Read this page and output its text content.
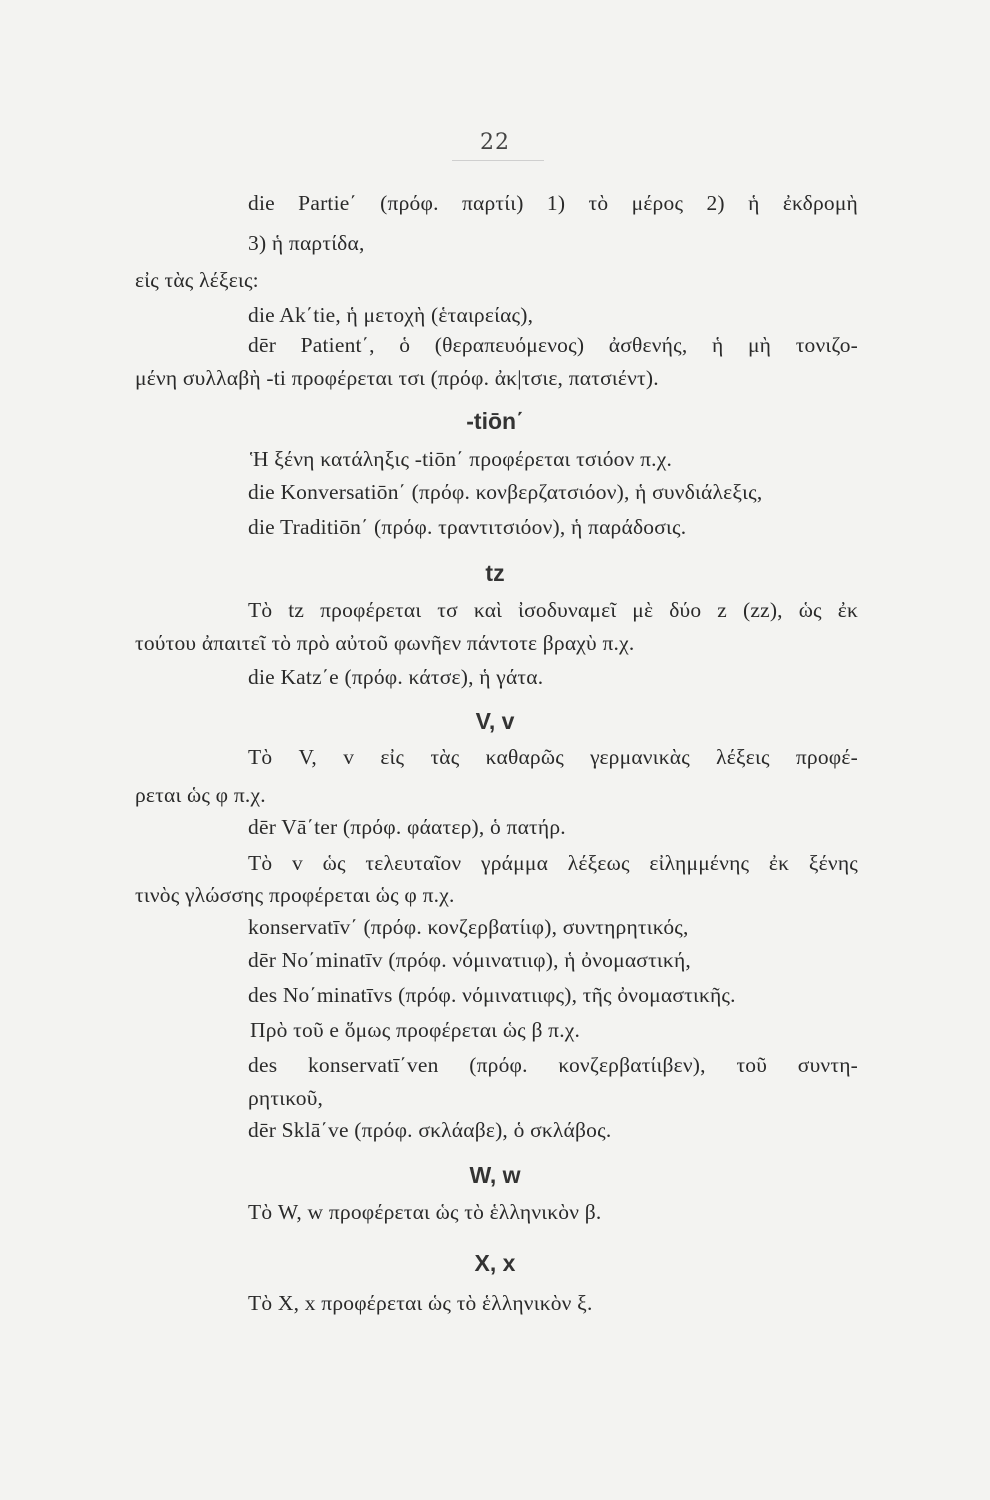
22
die Partie΄ (πρόφ. παρτίι) 1) τὸ μέρος 2) ἡ ἐκδρομὴ
3) ἡ παρτίδα,
εἰς τὰς λέξεις:
die Ak΄tie, ἡ μετοχὴ (ἑταιρείας),
dēr Patient΄, ὁ (θεραπευόμενος) ἀσθενής, ἡ μὴ τονιζο-
μένη συλλαβὴ -ti προφέρεται τσι (πρόφ. ἀκ|τσιε, πατσιέντ).
-tiōn΄
Ἡ ξένη κατάληξις -tiōn΄ προφέρεται τσιόον π.χ.
die Konversatiōn΄ (πρόφ. κονβερζατσιόον), ἡ συνδιάλεξις,
die Traditiōn΄ (πρόφ. τραντιτσιόον), ἡ παράδοσις.
tz
Τὸ tz προφέρεται τσ καὶ ἰσοδυναμεῖ μὲ δύο z (zz), ὡς ἐκ
τούτου ἀπαιτεῖ τὸ πρὸ αὐτοῦ φωνῆεν πάντοτε βραχὺ π.χ.
die Katz΄e (πρόφ. κάτσε), ἡ γάτα.
V, v
Τὸ V, v εἰς τὰς καθαρῶς γερμανικὰς λέξεις προφέ-
ρεται ὡς φ π.χ.
dēr Vā΄ter (πρόφ. φάατερ), ὁ πατήρ.
Τὸ v ὡς τελευταῖον γράμμα λέξεως εἰλημμένης ἐκ ξένης
τινὸς γλώσσης προφέρεται ὡς φ π.χ.
konservatīv΄ (πρόφ. κονζερβατίιφ), συντηρητικός,
dēr No΄minatīv (πρόφ. νόμινατιιφ), ἡ ὀνομαστική,
des No΄minatīvs (πρόφ. νόμινατιιφς), τῆς ὀνομαστικῆς.
Πρὸ τοῦ e ὅμως προφέρεται ὡς β π.χ.
des konservatī΄ven (πρόφ. κονζερβατίιβεν), τοῦ συντη-
ρητικοῦ,
dēr Sklā΄ve (πρόφ. σκλάαβε), ὁ σκλάβος.
W, w
Τὸ W, w προφέρεται ὡς τὸ ἑλληνικὸν β.
X, x
Τὸ X, x προφέρεται ὡς τὸ ἑλληνικὸν ξ.
